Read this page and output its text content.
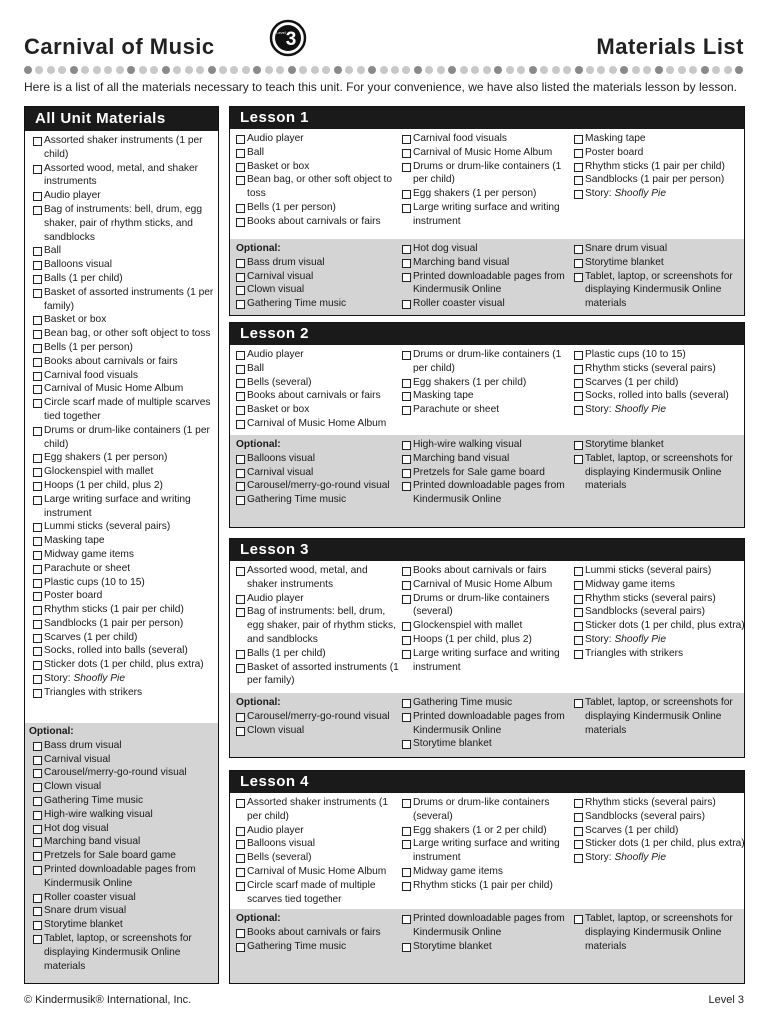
Carnival of Music	3
Level
Materials List
Here is a list of all the materials necessary to teach this unit. For your convenience, we have also listed the materials lesson by lesson.
All Unit Materials
Assorted shaker instruments (1 per child)
Assorted wood, metal, and shaker instruments
Audio player
Bag of instruments: bell, drum, egg shaker, pair of rhythm sticks, and sandblocks
Ball
Balloons visual
Balls (1 per child)
Basket of assorted instruments (1 per family)
Basket or box
Bean bag, or other soft object to toss
Bells (1 per person)
Books about carnivals or fairs
Carnival food visuals
Carnival of Music Home Album
Circle scarf made of multiple scarves tied together
Drums or drum-like containers (1 per child)
Egg shakers (1 per person)
Glockenspiel with mallet
Hoops (1 per child, plus 2)
Large writing surface and writing instrument
Lummi sticks (several pairs)
Masking tape
Midway game items
Parachute or sheet
Plastic cups (10 to 15)
Poster board
Rhythm sticks (1 pair per child)
Sandblocks (1 pair per person)
Scarves (1 per child)
Socks, rolled into balls (several)
Sticker dots (1 per child, plus extra)
Story: Shoofly Pie
Triangles with strikers
Optional:
Bass drum visual
Carnival visual
Carousel/merry-go-round visual
Clown visual
Gathering Time music
High-wire walking visual
Hot dog visual
Marching band visual
Pretzels for Sale board game
Printed downloadable pages from Kindermusik Online
Roller coaster visual
Snare drum visual
Storytime blanket
Tablet, laptop, or screenshots for displaying Kindermusik Online materials
Lesson 1
Audio player
Ball
Basket or box
Bean bag, or other soft object to toss
Bells (1 per person)
Books about carnivals or fairs
Carnival food visuals
Carnival of Music Home Album
Drums or drum-like containers (1 per child)
Egg shakers (1 per person)
Large writing surface and writing instrument
Masking tape
Poster board
Rhythm sticks (1 pair per child)
Sandblocks (1 pair per person)
Story: Shoofly Pie
Optional:
Bass drum visual
Carnival visual
Clown visual
Gathering Time music
Hot dog visual
Marching band visual
Printed downloadable pages from Kindermusik Online
Roller coaster visual
Snare drum visual
Storytime blanket
Tablet, laptop, or screenshots for displaying Kindermusik Online materials
Lesson 2
Audio player
Ball
Bells (several)
Books about carnivals or fairs
Basket or box
Carnival of Music Home Album
Drums or drum-like containers (1 per child)
Egg shakers (1 per child)
Masking tape
Parachute or sheet
Plastic cups (10 to 15)
Rhythm sticks (several pairs)
Scarves (1 per child)
Socks, rolled into balls (several)
Story: Shoofly Pie
Optional:
Balloons visual
Carnival visual
Carousel/merry-go-round visual
Gathering Time music
High-wire walking visual
Marching band visual
Pretzels for Sale game board
Printed downloadable pages from Kindermusik Online
Storytime blanket
Tablet, laptop, or screenshots for displaying Kindermusik Online materials
Lesson 3
Assorted wood, metal, and shaker instruments
Audio player
Bag of instruments: bell, drum, egg shaker, pair of rhythm sticks, and sandblocks
Balls (1 per child)
Basket of assorted instruments (1 per family)
Books about carnivals or fairs
Carnival of Music Home Album
Drums or drum-like containers (several)
Glockenspiel with mallet
Hoops (1 per child, plus 2)
Large writing surface and writing instrument
Lummi sticks (several pairs)
Midway game items
Rhythm sticks (several pairs)
Sandblocks (several pairs)
Sticker dots (1 per child, plus extra)
Story: Shoofly Pie
Triangles with strikers
Optional:
Carousel/merry-go-round visual
Clown visual
Gathering Time music
Printed downloadable pages from Kindermusik Online
Storytime blanket
Tablet, laptop, or screenshots for displaying Kindermusik Online materials
Lesson 4
Assorted shaker instruments (1 per child)
Audio player
Balloons visual
Bells (several)
Carnival of Music Home Album
Circle scarf made of multiple scarves tied together
Drums or drum-like containers (several)
Egg shakers (1 or 2 per child)
Large writing surface and writing instrument
Midway game items
Rhythm sticks (1 pair per child)
Rhythm sticks (several pairs)
Sandblocks (several pairs)
Scarves (1 per child)
Sticker dots (1 per child, plus extra)
Story: Shoofly Pie
Optional:
Books about carnivals or fairs
Gathering Time music
Printed downloadable pages from Kindermusik Online
Storytime blanket
Tablet, laptop, or screenshots for displaying Kindermusik Online materials
© Kindermusik® International, Inc.	Level 3
